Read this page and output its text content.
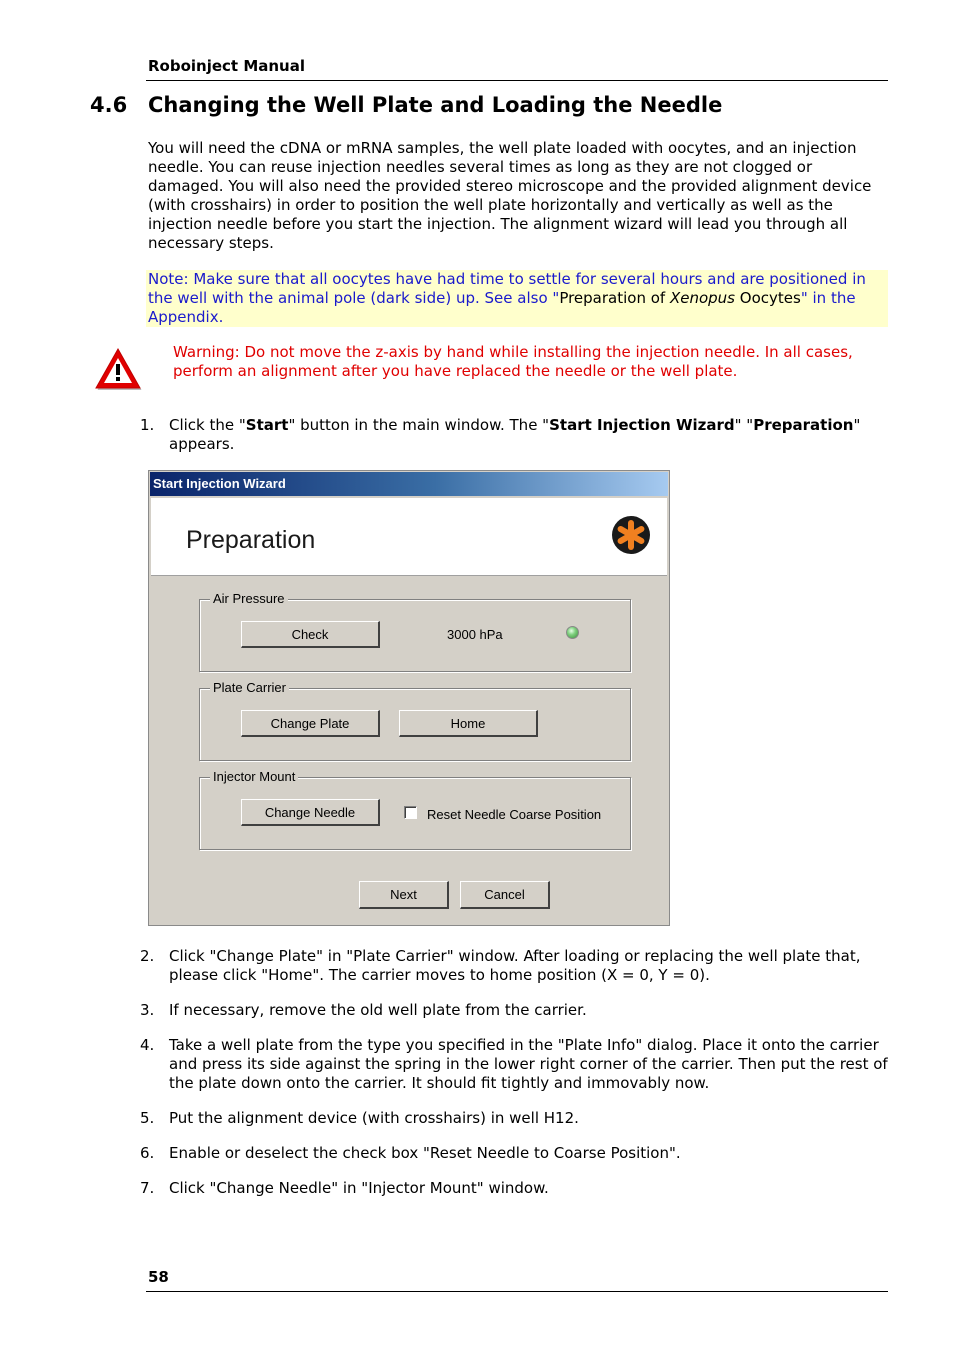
Roboinject Manual
4.6 Changing the Well Plate and Loading the Needle
You will need the cDNA or mRNA samples, the well plate loaded with oocytes, and an injection needle. You can reuse injection needles several times as long as they are not clogged or damaged. You will also need the provided stereo microscope and the provided alignment device (with crosshairs) in order to position the well plate horizontally and vertically as well as the injection needle before you start the injection. The alignment wizard will lead you through all necessary steps.
Note: Make sure that all oocytes have had time to settle for several hours and are positioned in the well with the animal pole (dark side) up. See also "Preparation of Xenopus Oocytes" in the Appendix.
Warning: Do not move the z-axis by hand while installing the injection needle. In all cases, perform an alignment after you have replaced the needle or the well plate.
1. Click the "Start" button in the main window. The "Start Injection Wizard" "Preparation" appears.
Start Injection Wizard
Preparation
Air Pressure
Check	3000 hPa
Plate Carrier
Change Plate	Home
Injector Mount
Change Needle	Reset Needle Coarse Position
Next	Cancel
2. Click "Change Plate" in "Plate Carrier" window. After loading or replacing the well plate that, please click "Home". The carrier moves to home position (X = 0, Y = 0).
3. If necessary, remove the old well plate from the carrier.
4. Take a well plate from the type you specified in the "Plate Info" dialog. Place it onto the carrier and press its side against the spring in the lower right corner of the carrier. Then put the rest of the plate down onto the carrier. It should fit tightly and immovably now.
5. Put the alignment device (with crosshairs) in well H12.
6. Enable or deselect the check box "Reset Needle to Coarse Position".
7. Click "Change Needle" in "Injector Mount" window.
58
